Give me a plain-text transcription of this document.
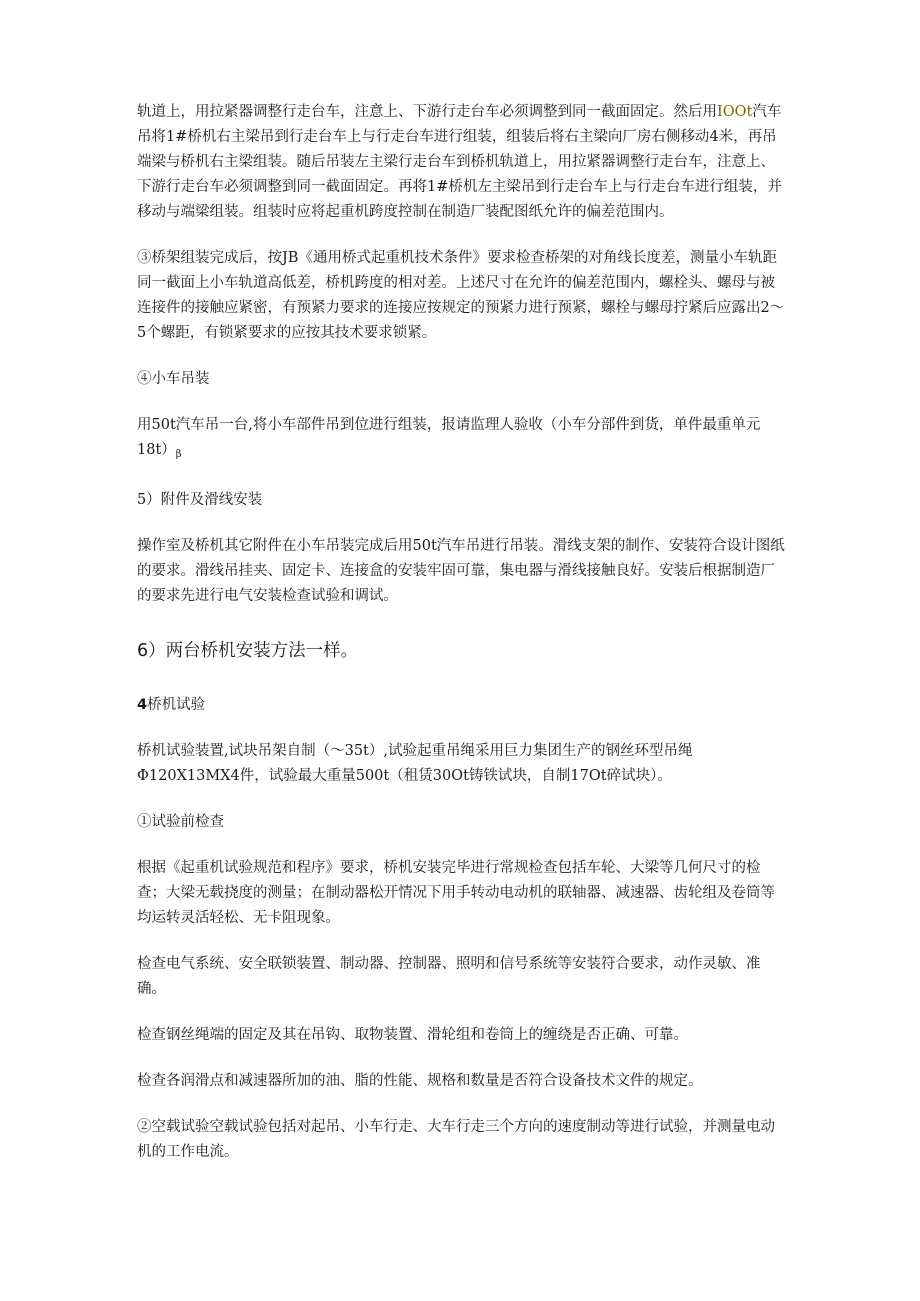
轨道上，用拉紧器调整行走台车，注意上、下游行走台车必须调整到同一截面固定。然后用IOOt汽车吊将1#桥机右主梁吊到行走台车上与行走台车进行组装，组装后将右主梁向厂房右侧移动4米，再吊端梁与桥机右主梁组装。随后吊装左主梁行走台车到桥机轨道上，用拉紧器调整行走台车，注意上、下游行走台车必须调整到同一截面固定。再将1#桥机左主梁吊到行走台车上与行走台车进行组装，并移动与端梁组装。组装时应将起重机跨度控制在制造厂装配图纸允许的偏差范围内。

③桥架组装完成后，按JB《通用桥式起重机技术条件》要求检查桥架的对角线长度差，测量小车轨距同一截面上小车轨道高低差，桥机跨度的相对差。上述尺寸在允许的偏差范围内，螺栓头、螺母与被连接件的接触应紧密，有预紧力要求的连接应按规定的预紧力进行预紧，螺栓与螺母拧紧后应露出2～5个螺距，有锁紧要求的应按其技术要求锁紧。

④小车吊装

用50t汽车吊一台,将小车部件吊到位进行组装，报请监理人验收（小车分部件到货，单件最重单元$18t)_\beta$

5）附件及滑线安装

操作室及桥机其它附件在小车吊装完成后用50t汽车吊进行吊装。滑线支架的制作、安装符合设计图纸的要求。滑线吊挂夹、固定卡、连接盒的安装牢固可靠，集电器与滑线接触良好。安装后根据制造厂的要求先进行电气安装检查试验和调试。

6）两台桥机安装方法一样。

4桥机试验

桥机试验装置,试块吊架自制（～35t）,试验起重吊绳采用巨力集团生产的钢丝环型吊绳Φ120X13MX4件，试验最大重量500t（租赁30Ot铸铁试块，自制17Ot碎试块）。

①试验前检查

根据《起重机试验规范和程序》要求，桥机安装完毕进行常规检查包括车轮、大梁等几何尺寸的检查；大梁无载挠度的测量；在制动器松开情况下用手转动电动机的联轴器、减速器、齿轮组及卷筒等均运转灵活轻松、无卡阻现象。

检查电气系统、安全联锁装置、制动器、控制器、照明和信号系统等安装符合要求，动作灵敏、准确。

检查钢丝绳端的固定及其在吊钩、取物装置、滑轮组和卷筒上的缠绕是否正确、可靠。

检查各润滑点和减速器所加的油、脂的性能、规格和数量是否符合设备技术文件的规定。

②空载试验空载试验包括对起吊、小车行走、大车行走三个方向的速度制动等进行试验，并测量电动机的工作电流。
